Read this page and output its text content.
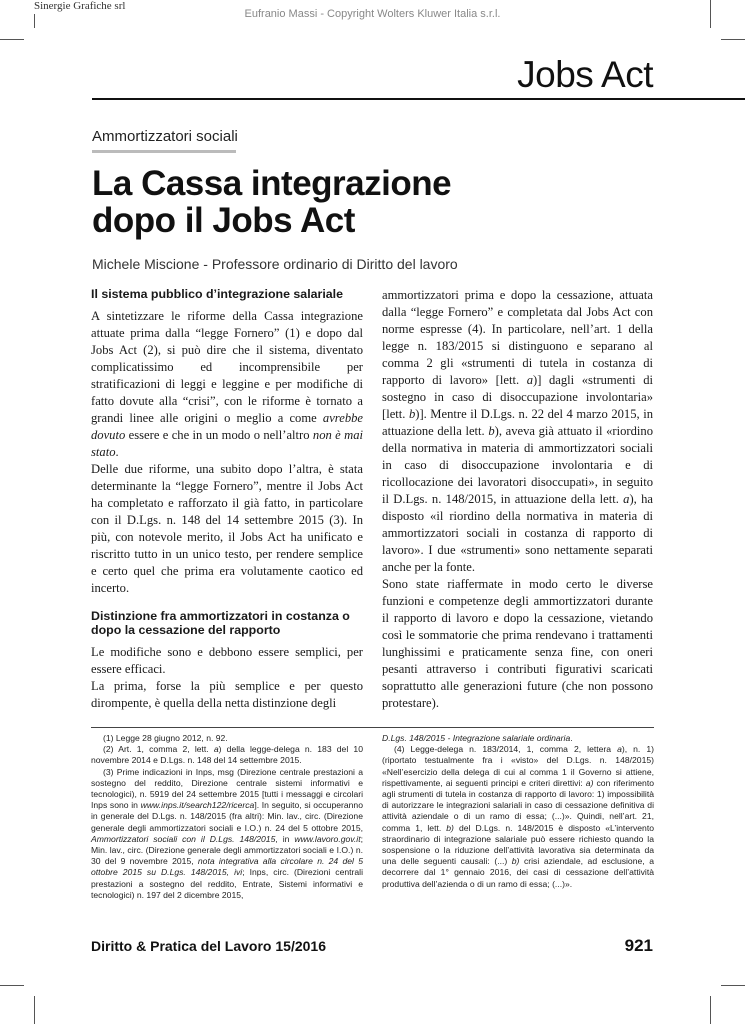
Sinergie Grafiche srl
Eufranio Massi - Copyright Wolters Kluwer Italia s.r.l.
Jobs Act
Ammortizzatori sociali
La Cassa integrazione
dopo il Jobs Act
Michele Miscione - Professore ordinario di Diritto del lavoro
Il sistema pubblico d’integrazione salariale

A sintetizzare le riforme della Cassa integrazione attuate prima dalla “legge Fornero” (1) e dopo dal Jobs Act (2), si può dire che il sistema, diventato complicatissimo ed incomprensibile per stratificazioni di leggi e leggine e per modifiche di fatto dovute alla “crisi”, con le riforme è tornato a grandi linee alle origini o meglio a come avrebbe dovuto essere e che in un modo o nell’altro non è mai stato.

Delle due riforme, una subito dopo l’altra, è stata determinante la “legge Fornero”, mentre il Jobs Act ha completato e rafforzato il già fatto, in particolare con il D.Lgs. n. 148 del 14 settembre 2015 (3). In più, con notevole merito, il Jobs Act ha unificato e riscritto tutto in un unico testo, per rendere semplice e certo quel che prima era volutamente caotico ed incerto.

Distinzione fra ammortizzatori in costanza o dopo la cessazione del rapporto

Le modifiche sono e debbono essere semplici, per essere efficaci.

La prima, forse la più semplice e per questo dirompente, è quella della netta distinzione degli

ammortizzatori prima e dopo la cessazione, attuata dalla “legge Fornero” e completata dal Jobs Act con norme espresse (4). In particolare, nell’art. 1 della legge n. 183/2015 si distinguono e separano al comma 2 gli «strumenti di tutela in costanza di rapporto di lavoro» [lett. a)] dagli «strumenti di sostegno in caso di disoccupazione involontaria» [lett. b)]. Mentre il D.Lgs. n. 22 del 4 marzo 2015, in attuazione della lett. b), aveva già attuato il «riordino della normativa in materia di ammortizzatori sociali in caso di disoccupazione involontaria e di ricollocazione dei lavoratori disoccupati», in seguito il D.Lgs. n. 148/2015, in attuazione della lett. a), ha disposto «il riordino della normativa in materia di ammortizzatori sociali in costanza di rapporto di lavoro». I due «strumenti» sono nettamente separati anche per la fonte.

Sono state riaffermate in modo certo le diverse funzioni e competenze degli ammortizzatori durante il rapporto di lavoro e dopo la cessazione, vietando così le sommatorie che prima rendevano i trattamenti lunghissimi e praticamente senza fine, con oneri pesanti attraverso i contributi figurativi scaricati soprattutto alle generazioni future (che non possono protestare).

(1) Legge 28 giugno 2012, n. 92.

(2) Art. 1, comma 2, lett. a) della legge-delega n. 183 del 10 novembre 2014 e D.Lgs. n. 148 del 14 settembre 2015.

(3) Prime indicazioni in Inps, msg (Direzione centrale prestazioni a sostegno del reddito, Direzione centrale sistemi informativi e tecnologici), n. 5919 del 24 settembre 2015 [tutti i messaggi e circolari Inps sono in www.inps.it/search122/ricerca]. In seguito, si occuperanno in generale del D.Lgs. n. 148/2015 (fra altri): Min. lav., circ. (Direzione generale degli ammortizzatori sociali e I.O.) n. 24 del 5 ottobre 2015, Ammortizzatori sociali con il D.Lgs. 148/2015, in www.lavoro.gov.it; Min. lav., circ. (Direzione generale degli ammortizzatori sociali e I.O.) n. 30 del 9 novembre 2015, nota integrativa alla circolare n. 24 del 5 ottobre 2015 su D.Lgs. 148/2015, ivi; Inps, circ. (Direzioni centrali prestazioni a sostegno del reddito, Entrate, Sistemi informativi e tecnologici) n. 197 del 2 dicembre 2015,

D.Lgs. 148/2015 - Integrazione salariale ordinaria.

(4) Legge-delega n. 183/2014, 1, comma 2, lettera a), n. 1) (riportato testualmente fra i «visto» del D.Lgs. n. 148/2015) «Nell’esercizio della delega di cui al comma 1 il Governo si attiene, rispettivamente, ai seguenti principi e criteri direttivi: a) con riferimento agli strumenti di tutela in costanza di rapporto di lavoro: 1) impossibilità di autorizzare le integrazioni salariali in caso di cessazione definitiva di attività aziendale o di un ramo di essa; (...)». Quindi, nell’art. 21, comma 1, lett. b) del D.Lgs. n. 148/2015 è disposto «L’intervento straordinario di integrazione salariale può essere richiesto quando la sospensione o la riduzione dell’attività lavorativa sia determinata da una delle seguenti causali: (...) b) crisi aziendale, ad esclusione, a decorrere dal 1° gennaio 2016, dei casi di cessazione dell’attività produttiva dell’azienda o di un ramo di essa; (...)».

Diritto & Pratica del Lavoro 15/2016	921
